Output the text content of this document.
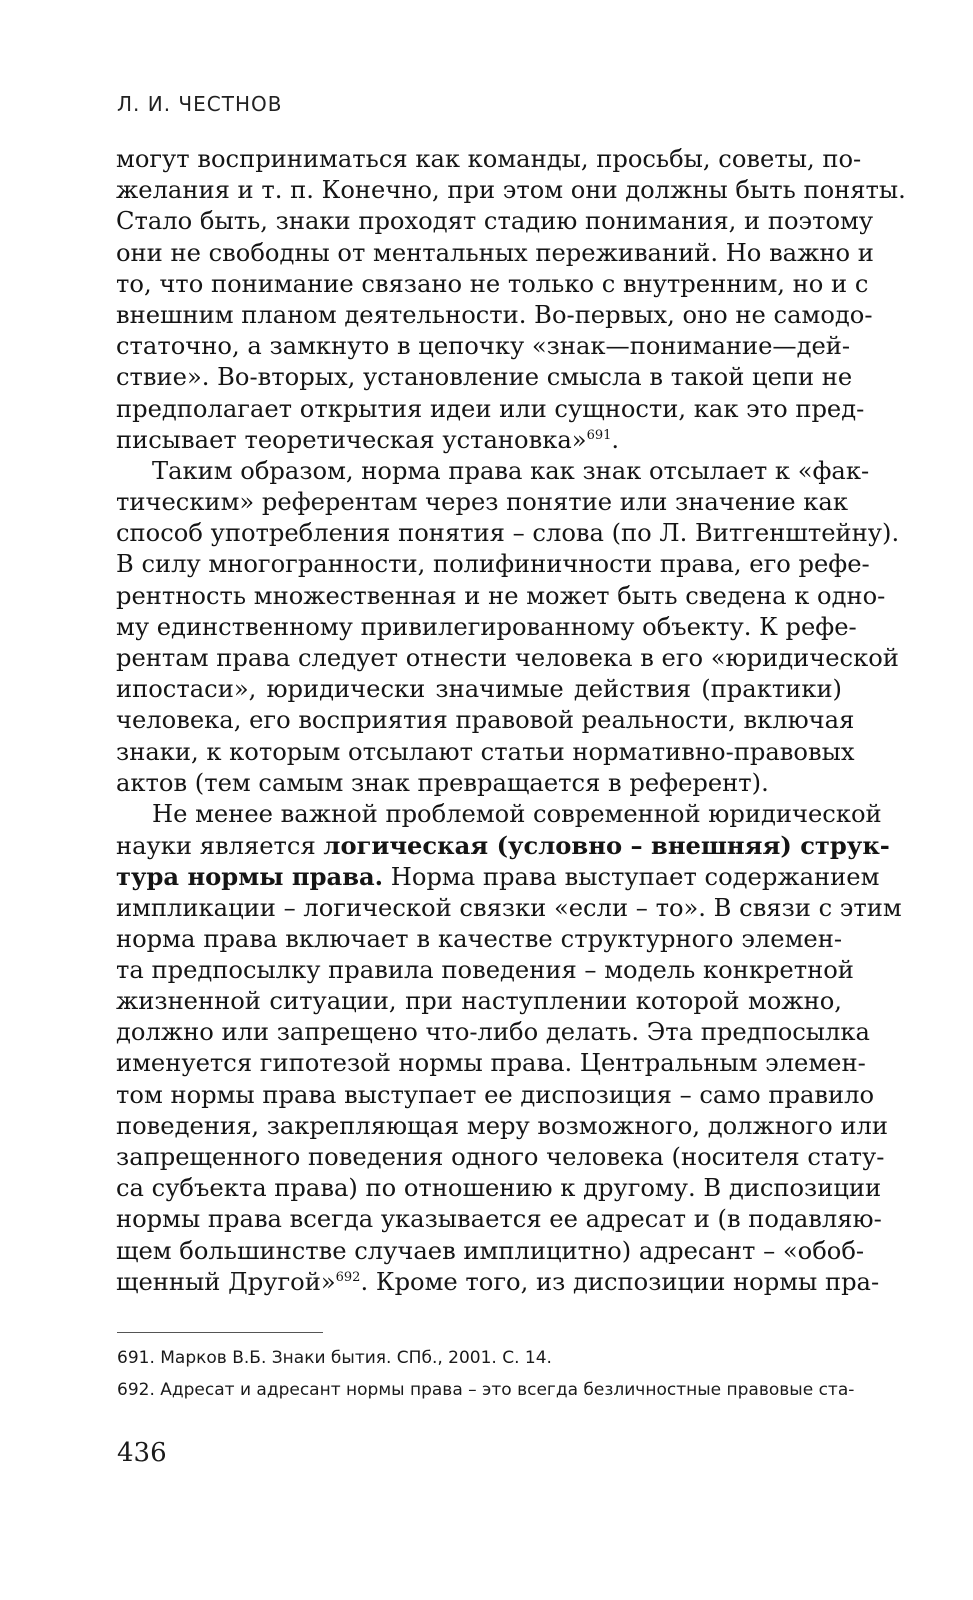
Л. И. ЧЕСТНОВ
могут восприниматься как команды, просьбы, советы, по-
желания и т. п. Конечно, при этом они должны быть поняты.
Стало быть, знаки проходят стадию понимания, и поэтому
они не свободны от ментальных переживаний. Но важно и
то, что понимание связано не только с внутренним, но и с
внешним планом деятельности. Во-первых, оно не самодо-
статочно, а замкнуто в цепочку «знак—понимание—дей-
ствие». Во-вторых, установление смысла в такой цепи не
предполагает открытия идеи или сущности, как это пред-
писывает теоретическая установка»$^{691}$.
Таким образом, норма права как знак отсылает к «фак-
тическим» референтам через понятие или значение как
способ употребления понятия – слова (по Л. Витгенштейну).
В силу многогранности, полифиничности права, его рефе-
рентность множественная и не может быть сведена к одно-
му единственному привилегированному объекту. К рефе-
рентам права следует отнести человека в его «юридической
ипостаси», юридически значимые действия (практики)
человека, его восприятия правовой реальности, включая
знаки, к которым отсылают статьи нормативно-правовых
актов (тем самым знак превращается в референт).
Не менее важной проблемой современной юридической
науки является логическая (условно – внешняя) струк-
тура нормы права. Норма права выступает содержанием
импликации – логической связки «если – то». В связи с этим
норма права включает в качестве структурного элемен-
та предпосылку правила поведения – модель конкретной
жизненной ситуации, при наступлении которой можно,
должно или запрещено что-либо делать. Эта предпосылка
именуется гипотезой нормы права. Центральным элемен-
том нормы права выступает ее диспозиция – само правило
поведения, закрепляющая меру возможного, должного или
запрещенного поведения одного человека (носителя стату-
са субъекта права) по отношению к другому. В диспозиции
нормы права всегда указывается ее адресат и (в подавляю-
щем большинстве случаев имплицитно) адресант – «обоб-
щенный Другой»$^{692}$. Кроме того, из диспозиции нормы пра-
691. Марков В.Б. Знаки бытия. СПб., 2001. С. 14.
692. Адресат и адресант нормы права – это всегда безличностные правовые ста-
436
